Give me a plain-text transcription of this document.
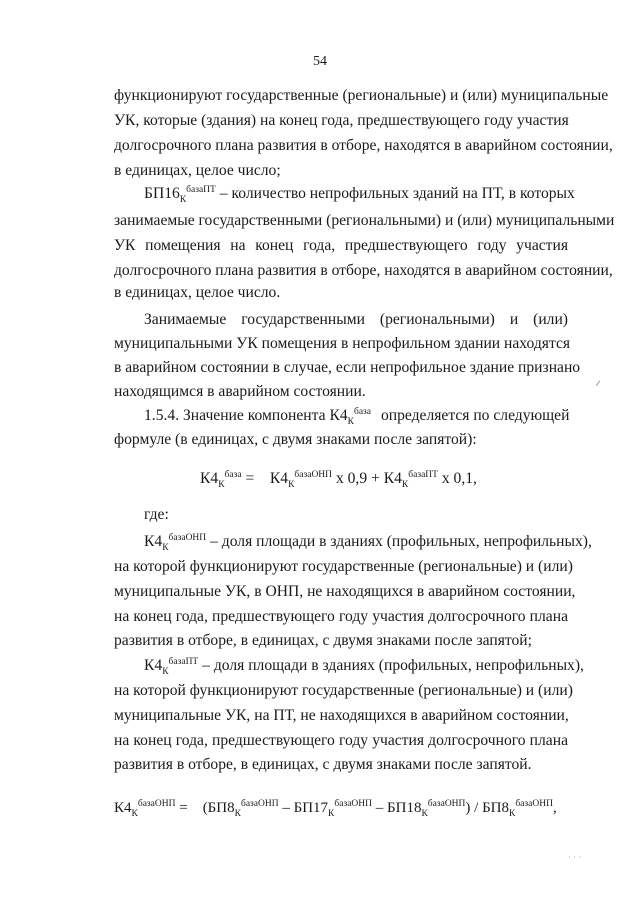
54
функционируют государственные (региональные) и (или) муниципальные
УК, которые (здания) на конец года, предшествующего году участия
долгосрочного плана развития в отборе, находятся в аварийном состоянии,
в единицах, целое число;
$БП16_К^{базаПТ}$ – количество непрофильных зданий на ПТ, в которых
занимаемые государственными (региональными) и (или) муниципальными
УК помещения на конец года, предшествующего году участия
долгосрочного плана развития в отборе, находятся в аварийном состоянии,
в единицах, целое число.
Занимаемые государственными (региональными) и (или)
муниципальными УК помещения в непрофильном здании находятся
в аварийном состоянии в случае, если непрофильное здание признано
находящимся в аварийном состоянии.
1.5.4. Значение компонента $К4_К^{база}$ определяется по следующей
формуле (в единицах, с двумя знаками после запятой):
$К4_К^{база} = К4_К^{базаОНП}$ х $0,9 + К4_К^{базаПТ}$ х 0,1,
где:
$К4_К^{базаОНП}$ – доля площади в зданиях (профильных, непрофильных),
на которой функционируют государственные (региональные) и (или)
муниципальные УК, в ОНП, не находящихся в аварийном состоянии,
на конец года, предшествующего году участия долгосрочного плана
развития в отборе, в единицах, с двумя знаками после запятой;
$К4_К^{базаПТ}$ – доля площади в зданиях (профильных, непрофильных),
на которой функционируют государственные (региональные) и (или)
муниципальные УК, на ПТ, не находящихся в аварийном состоянии,
на конец года, предшествующего году участия долгосрочного плана
развития в отборе, в единицах, с двумя знаками после запятой.
$К4_К^{базаОНП} = (БП8_К^{базаОНП} - БП17_К^{базаОНП} - БП18_К^{базаОНП}) / БП8_К^{базаОНП}$,
· · ·
